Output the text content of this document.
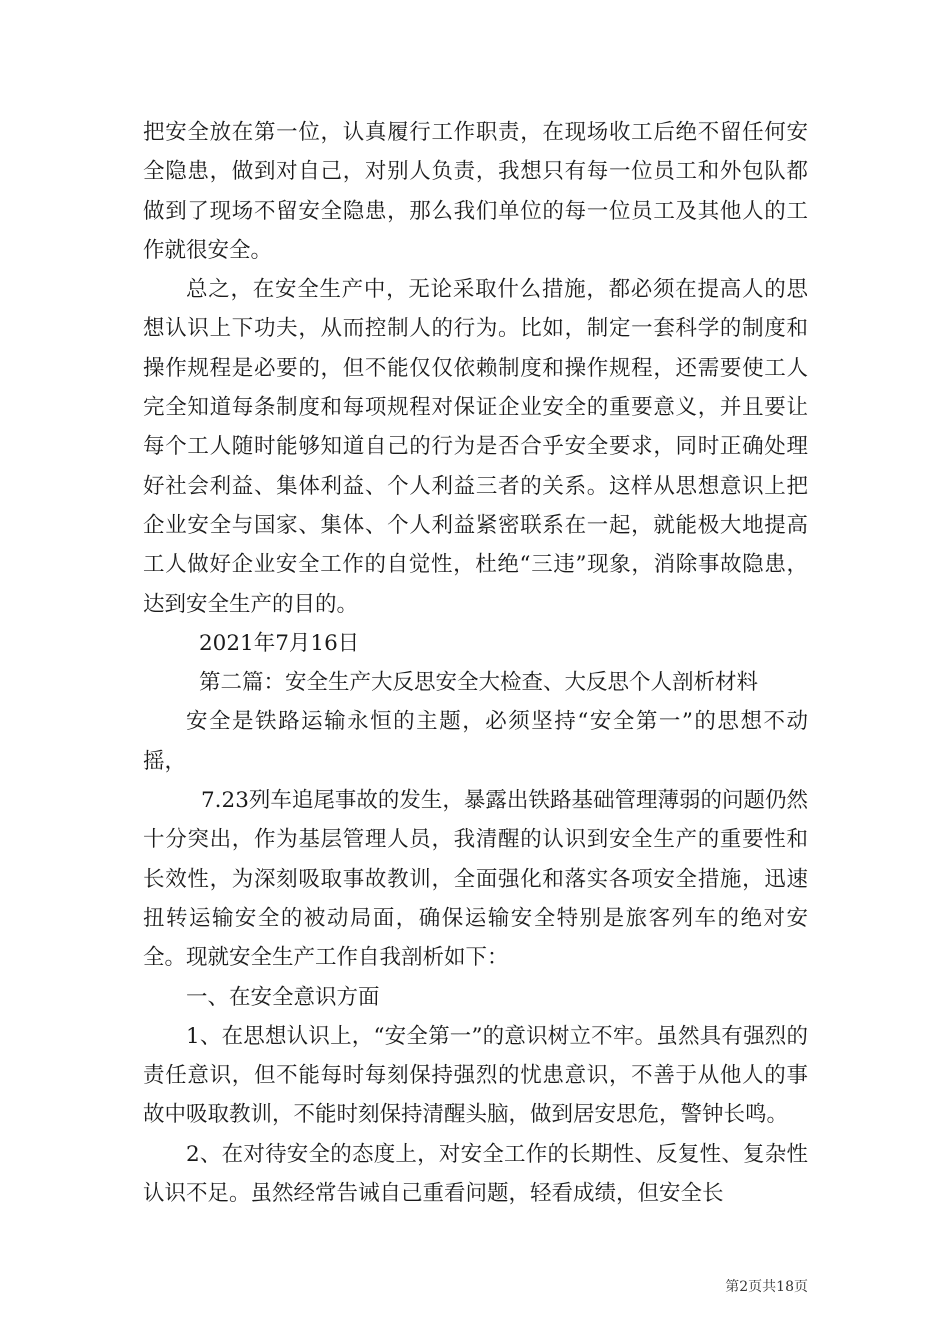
把安全放在第一位，认真履行工作职责，在现场收工后绝不留任何安全隐患，做到对自己，对别人负责，我想只有每一位员工和外包队都做到了现场不留安全隐患，那么我们单位的每一位员工及其他人的工作就很安全。

总之，在安全生产中，无论采取什么措施，都必须在提高人的思想认识上下功夫，从而控制人的行为。比如，制定一套科学的制度和操作规程是必要的，但不能仅仅依赖制度和操作规程，还需要使工人完全知道每条制度和每项规程对保证企业安全的重要意义，并且要让每个工人随时能够知道自己的行为是否合乎安全要求，同时正确处理好社会利益、集体利益、个人利益三者的关系。这样从思想意识上把企业安全与国家、集体、个人利益紧密联系在一起，就能极大地提高工人做好企业安全工作的自觉性，杜绝“三违”现象，消除事故隐患，达到安全生产的目的。

2021年7月16日

第二篇：安全生产大反思安全大检查、大反思个人剖析材料

安全是铁路运输永恒的主题，必须坚持“安全第一”的思想不动摇，

7.23列车追尾事故的发生，暴露出铁路基础管理薄弱的问题仍然十分突出，作为基层管理人员，我清醒的认识到安全生产的重要性和长效性，为深刻吸取事故教训，全面强化和落实各项安全措施，迅速扭转运输安全的被动局面，确保运输安全特别是旅客列车的绝对安全。现就安全生产工作自我剖析如下：

一、在安全意识方面

1、在思想认识上，“安全第一”的意识树立不牢。虽然具有强烈的责任意识，但不能每时每刻保持强烈的忧患意识，不善于从他人的事故中吸取教训，不能时刻保持清醒头脑，做到居安思危，警钟长鸣。

2、在对待安全的态度上，对安全工作的长期性、反复性、复杂性认识不足。虽然经常告诫自己重看问题，轻看成绩，但安全长

第2页共18页
